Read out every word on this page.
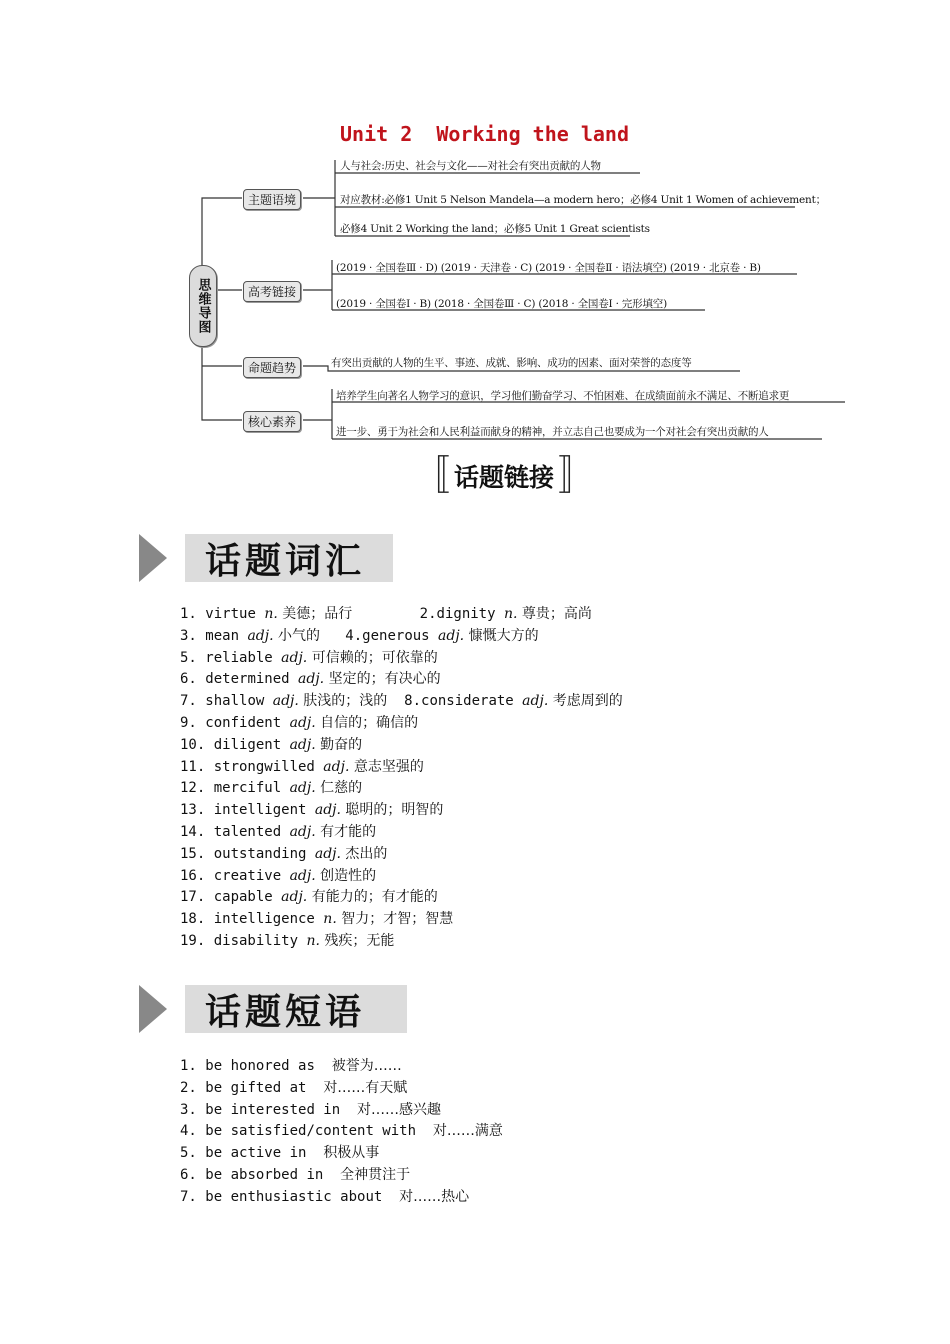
Unit 2  Working the land
思维导图
主题语境
高考链接
命题趋势
核心素养
人与社会:历史、社会与文化——对社会有突出贡献的人物
对应教材:必修1 Unit 5 Nelson Mandela—a modern hero；必修4 Unit 1 Women of achievement；
必修4 Unit 2 Working the land；必修5 Unit 1 Great scientists
(2019 · 全国卷Ⅲ · D) (2019 · 天津卷 · C) (2019 · 全国卷Ⅱ · 语法填空) (2019 · 北京卷 · B)
(2019 · 全国卷Ⅰ · B) (2018 · 全国卷Ⅲ · C) (2018 · 全国卷Ⅰ · 完形填空)
有突出贡献的人物的生平、事迹、成就、影响、成功的因素、面对荣誉的态度等
培养学生向著名人物学习的意识，学习他们勤奋学习、不怕困难、在成绩面前永不满足、不断追求更
进一步、勇于为社会和人民利益而献身的精神，并立志自己也要成为一个对社会有突出贡献的人
〚 话题链接 〛
话题词汇
1. virtue n. 美德；品行        2.dignity n. 尊贵；高尚
3. mean adj. 小气的   4.generous adj. 慷慨大方的
5. reliable adj. 可信赖的；可依靠的
6. determined adj. 坚定的；有决心的
7. shallow adj. 肤浅的；浅的  8.considerate adj. 考虑周到的
9. confident adj. 自信的；确信的
10. diligent adj. 勤奋的
11. strongwilled adj. 意志坚强的
12. merciful adj. 仁慈的
13. intelligent adj. 聪明的；明智的
14. talented adj. 有才能的
15. outstanding adj. 杰出的
16. creative adj. 创造性的
17. capable adj. 有能力的；有才能的
18. intelligence n. 智力；才智；智慧
19. disability n. 残疾；无能
话题短语
1. be honored as  被誉为……
2. be gifted at  对……有天赋
3. be interested in  对……感兴趣
4. be satisfied/content with  对……满意
5. be active in  积极从事
6. be absorbed in  全神贯注于
7. be enthusiastic about  对……热心
